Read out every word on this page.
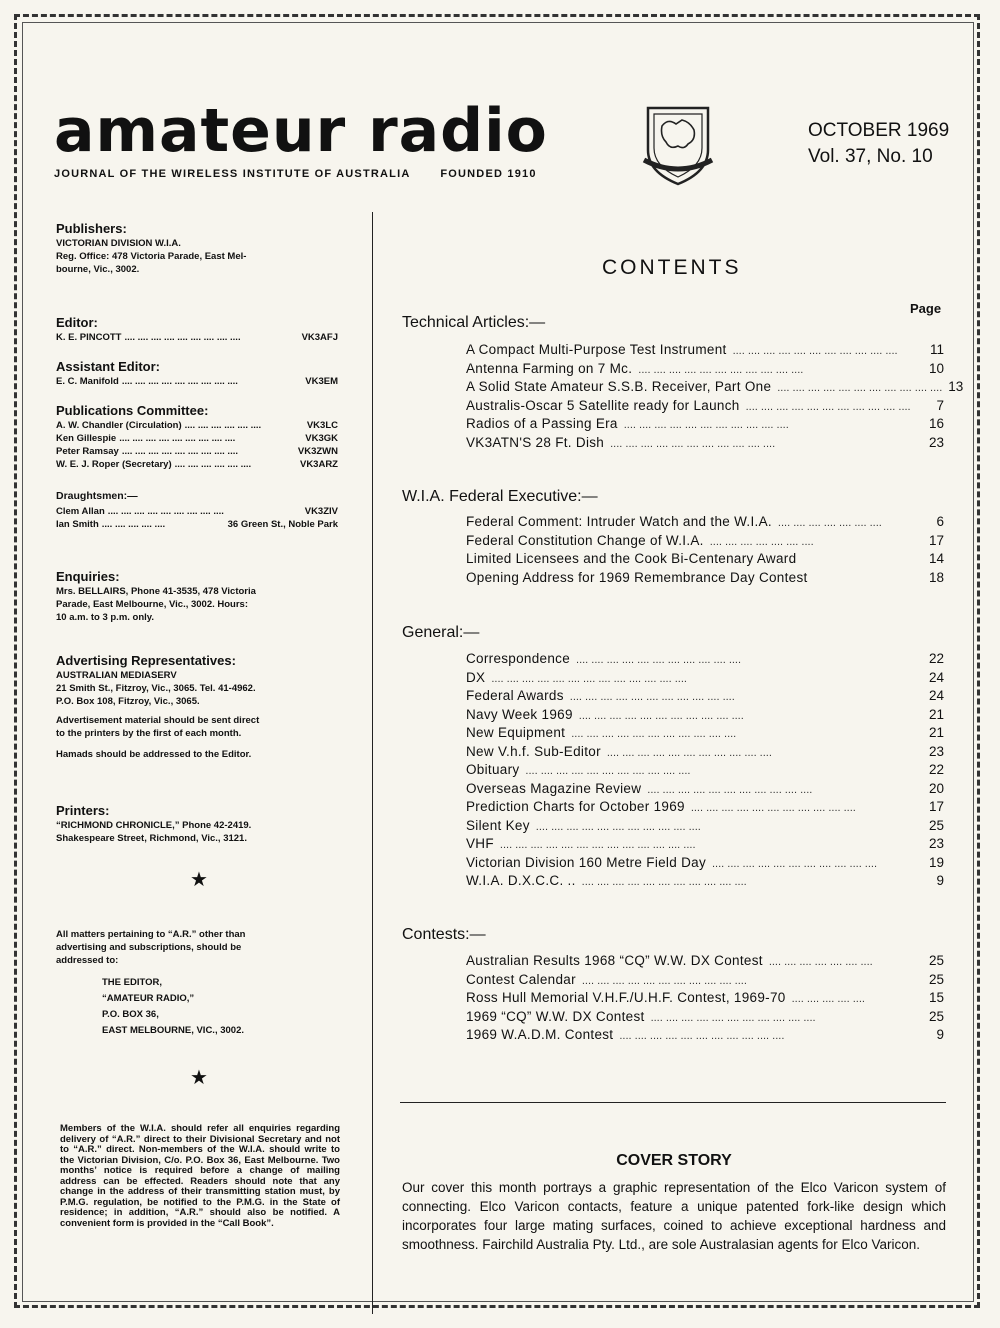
amateur radio
JOURNAL OF THE WIRELESS INSTITUTE OF AUSTRALIA	FOUNDED 1910
OCTOBER 1969
Vol. 37, No. 10
Publishers:
VICTORIAN DIVISION W.I.A.
Reg. Office: 478 Victoria Parade, East Mel-
bourne, Vic., 3002.
Editor:
K. E. PINCOTT .... .... .... .... .... .... .... .... ....	VK3AFJ
Assistant Editor:
E. C. Manifold .... .... .... .... .... .... .... .... ....	VK3EM
Publications Committee:
A. W. Chandler (Circulation) .... .... .... .... .... ....	VK3LC
Ken Gillespie .... .... .... .... .... .... .... .... ....	VK3GK
Peter Ramsay .... .... .... .... .... .... .... .... ....	VK3ZWN
W. E. J. Roper (Secretary) .... .... .... .... .... ....	VK3ARZ
Draughtsmen:—
Clem Allan .... .... .... .... .... .... .... .... ....	VK3ZIV
Ian Smith .... .... .... .... ....	36 Green St., Noble Park
Enquiries:
Mrs. BELLAIRS, Phone 41-3535, 478 Victoria
Parade, East Melbourne, Vic., 3002. Hours:
10 a.m. to 3 p.m. only.
Advertising Representatives:
AUSTRALIAN MEDIASERV
21 Smith St., Fitzroy, Vic., 3065. Tel. 41-4962.
P.O. Box 108, Fitzroy, Vic., 3065.
Advertisement material should be sent direct
to the printers by the first of each month.
Hamads should be addressed to the Editor.
Printers:
“RICHMOND CHRONICLE,” Phone 42-2419.
Shakespeare Street, Richmond, Vic., 3121.
★
All matters pertaining to “A.R.” other than
advertising and subscriptions, should be
addressed to:
THE EDITOR,
“AMATEUR RADIO,”
P.O. BOX 36,
EAST MELBOURNE, VIC., 3002.
★
Members of the W.I.A. should refer all enquiries regarding delivery of “A.R.” direct to their Divisional Secretary and not to “A.R.” direct. Non-members of the W.I.A. should write to the Victorian Division, C/o. P.O. Box 36, East Melbourne. Two months’ notice is required before a change of mailing address can be effected. Readers should note that any change in the address of their transmitting station must, by P.M.G. regulation, be notified to the P.M.G. in the State of residence; in addition, “A.R.” should also be notified. A convenient form is provided in the “Call Book”.
CONTENTS
Page
Technical Articles:—
A Compact Multi-Purpose Test Instrument .... .... .... .... .... .... .... .... .... .... ....	11
Antenna Farming on 7 Mc. .... .... .... .... .... .... .... .... .... .... ....	10
A Solid State Amateur S.S.B. Receiver, Part One .... .... .... .... .... .... .... .... .... .... .... 13
Australis-Oscar 5 Satellite ready for Launch .... .... .... .... .... .... .... .... .... .... ....	7
Radios of a Passing Era .... .... .... .... .... .... .... .... .... .... ....	16
VK3ATN'S 28 Ft. Dish .... .... .... .... .... .... .... .... .... .... ....	23
W.I.A. Federal Executive:—
Federal Comment: Intruder Watch and the W.I.A. .... .... .... .... .... .... ....	6
Federal Constitution Change of W.I.A. .... .... .... .... .... .... ....	17
Limited Licensees and the Cook Bi-Centenary Award	14
Opening Address for 1969 Remembrance Day Contest	18
General:—
Correspondence .... .... .... .... .... .... .... .... .... .... ....	22
DX .... .... .... .... .... .... .... .... .... .... .... .... ....	24
Federal Awards .... .... .... .... .... .... .... .... .... .... ....	24
Navy Week 1969 .... .... .... .... .... .... .... .... .... .... ....	21
New Equipment .... .... .... .... .... .... .... .... .... .... ....	21
New V.h.f. Sub-Editor .... .... .... .... .... .... .... .... .... .... ....	23
Obituary .... .... .... .... .... .... .... .... .... .... ....	22
Overseas Magazine Review .... .... .... .... .... .... .... .... .... .... ....	20
Prediction Charts for October 1969 .... .... .... .... .... .... .... .... .... .... ....	17
Silent Key .... .... .... .... .... .... .... .... .... .... ....	25
VHF .... .... .... .... .... .... .... .... .... .... .... .... ....	23
Victorian Division 160 Metre Field Day .... .... .... .... .... .... .... .... .... .... ....	19
W.I.A. D.X.C.C. .. .... .... .... .... .... .... .... .... .... .... ....	9
Contests:—
Australian Results 1968 “CQ” W.W. DX Contest .... .... .... .... .... .... ....	25
Contest Calendar .... .... .... .... .... .... .... .... .... .... ....	25
Ross Hull Memorial V.H.F./U.H.F. Contest, 1969-70 .... .... .... .... ....	15
1969 “CQ” W.W. DX Contest .... .... .... .... .... .... .... .... .... .... ....	25
1969 W.A.D.M. Contest .... .... .... .... .... .... .... .... .... .... ....	9
COVER STORY
Our cover this month portrays a graphic representation of the Elco Varicon system of connecting. Elco Varicon contacts, feature a unique patented fork-like design which incorporates four large mating surfaces, coined to achieve exceptional hardness and smoothness. Fairchild Australia Pty. Ltd., are sole Australasian agents for Elco Varicon.
